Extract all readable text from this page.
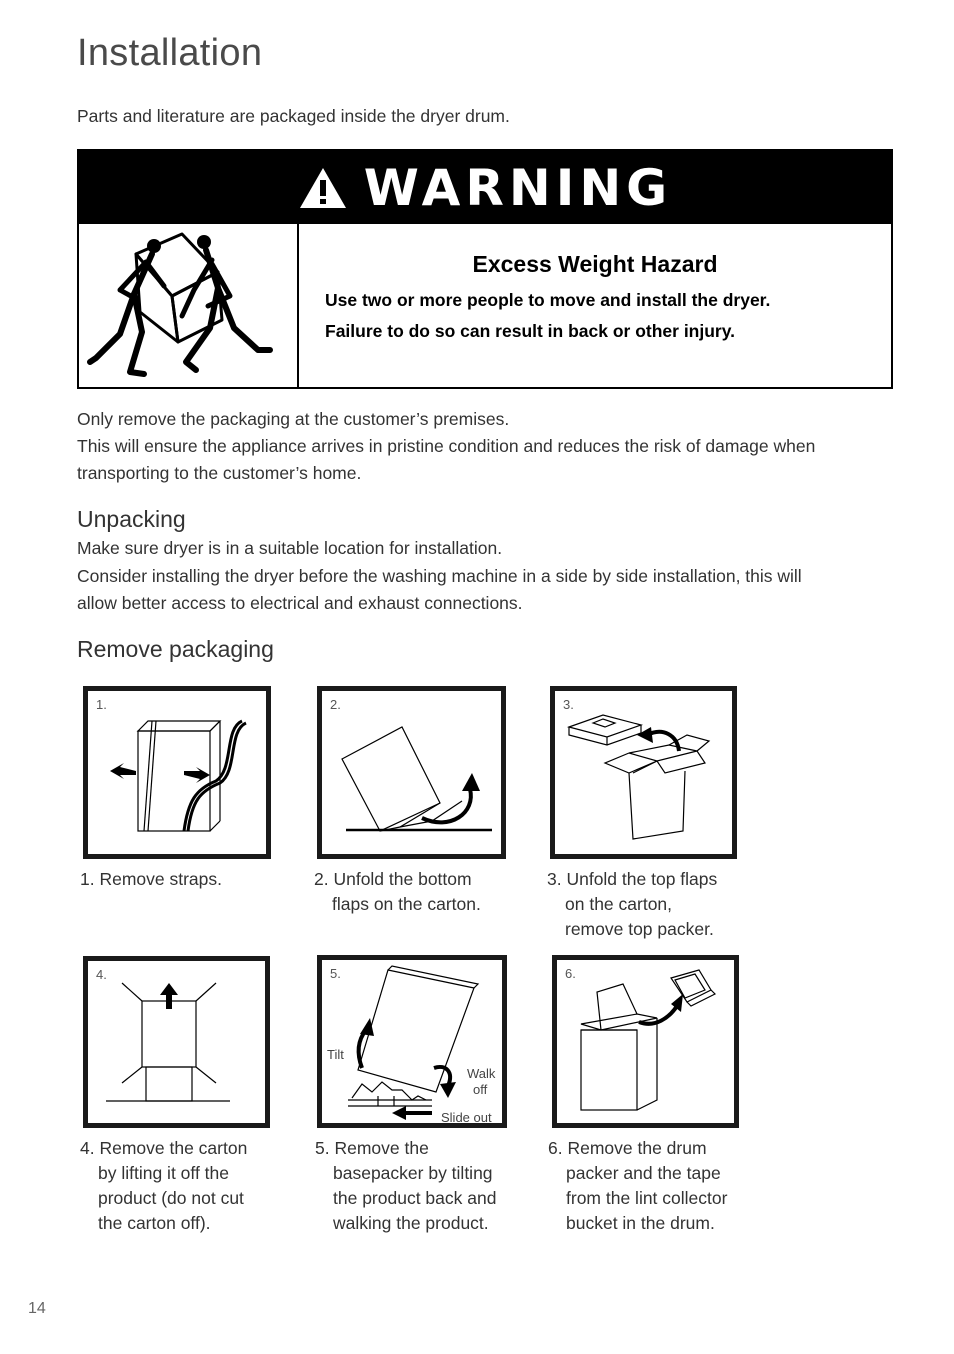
Installation
Parts and literature are packaged inside the dryer drum.
WARNING
Excess Weight Hazard
Use two or more people to move and install the dryer.
Failure to do so can result in back or other injury.
Only remove the packaging at the customer’s premises.
This will ensure the appliance arrives in pristine condition and reduces the risk of damage when
transporting to the customer’s home.
Unpacking
Make sure dryer is in a suitable location for installation.
Consider installing the dryer before the washing machine in a side by side installation, this will
allow better access to electrical and exhaust connections.
Remove packaging
1.
1. Remove straps.
2.
2. Unfold the bottom
flaps on the carton.
3.
3. Unfold the top flaps
on the carton,
remove top packer.
4.
4. Remove the carton
by lifting it off the
product (do not cut
the carton off).
5.
Tilt
Walk
off
Slide out
5. Remove the
basepacker by tilting
the product back and
walking the product.
6.
6. Remove the drum
packer and the tape
from the lint collector
bucket in the drum.
14
